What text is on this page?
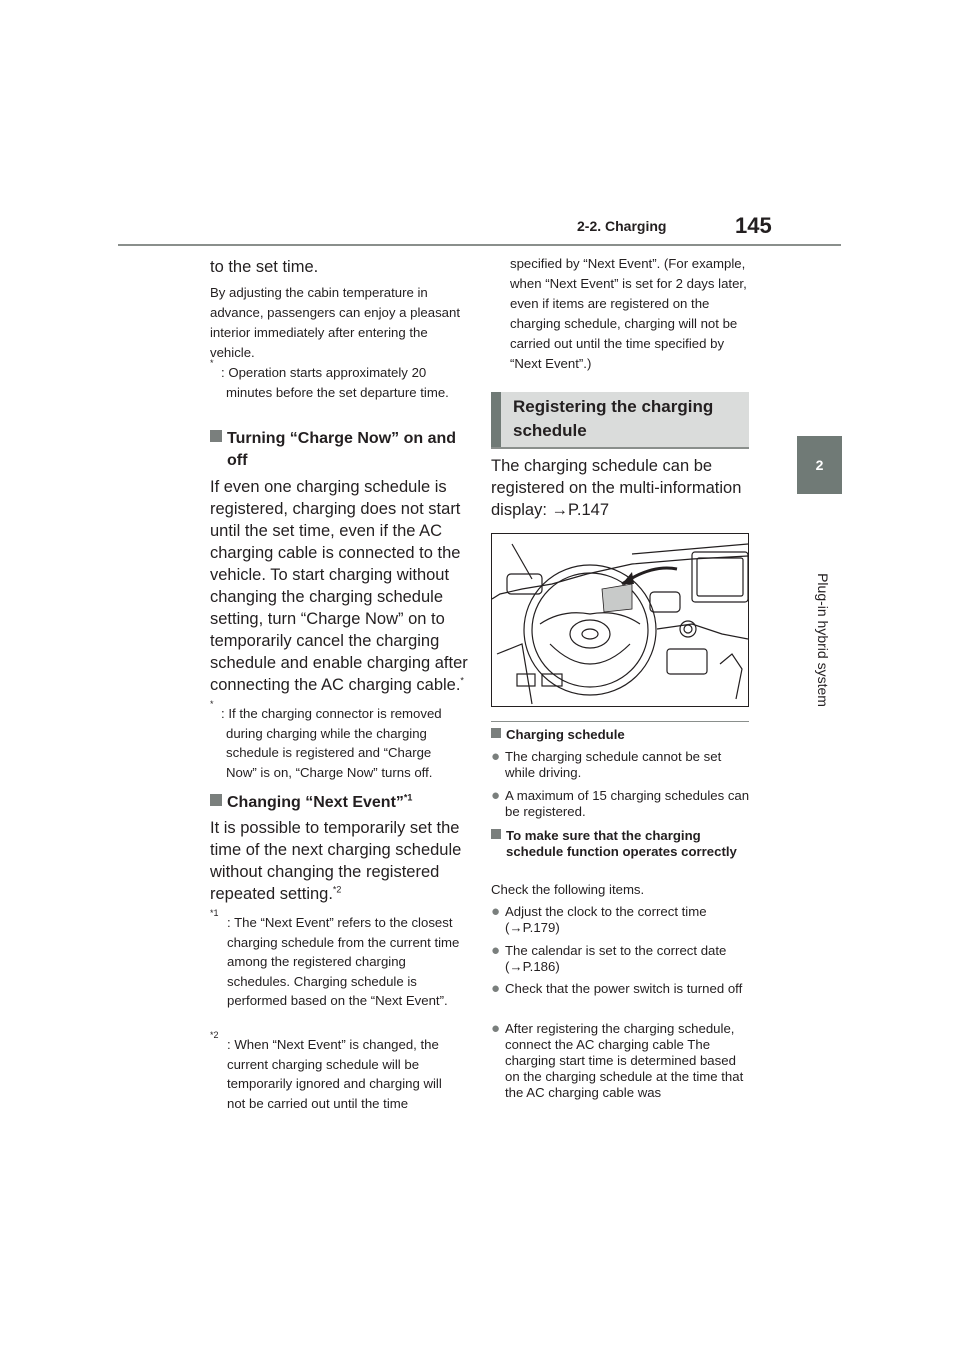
2-2. Charging	145
2
Plug-in hybrid system
to the set time.
By adjusting the cabin temperature in advance, passengers can enjoy a pleasant interior immediately after entering the vehicle.
*
: Operation starts approximately 20 minutes before the set departure time.
Turning “Charge Now” on and off
If even one charging schedule is registered, charging does not start until the set time, even if the AC charging cable is connected to the vehicle. To start charging without changing the charging schedule setting, turn “Charge Now” on to temporarily cancel the charging schedule and enable charging after connecting the AC charging cable.*
*
: If the charging connector is removed during charging while the charging schedule is registered and “Charge Now” is on, “Charge Now” turns off.
Changing “Next Event”$^{*1}$
It is possible to temporarily set the time of the next charging schedule without changing the registered repeated setting.$^{*2}$
*1
: The “Next Event” refers to the closest charging schedule from the current time among the registered charging schedules. Charging schedule is performed based on the “Next Event”.
*2
: When “Next Event” is changed, the current charging schedule will be temporarily ignored and charging will not be carried out until the time
specified by “Next Event”. (For example, when “Next Event” is set for 2 days later, even if items are registered on the charging schedule, charging will not be carried out until the time specified by “Next Event”.)
Registering the charging schedule
The charging schedule can be registered on the multi-information display: →P.147
Charging schedule
● The charging schedule cannot be set while driving.
● A maximum of 15 charging schedules can be registered.
To make sure that the charging schedule function operates correctly
Check the following items.
● Adjust the clock to the correct time (→P.179)
● The calendar is set to the correct date (→P.186)
● Check that the power switch is turned off
● After registering the charging schedule, connect the AC charging cable The charging start time is determined based on the charging schedule at the time that the AC charging cable was
